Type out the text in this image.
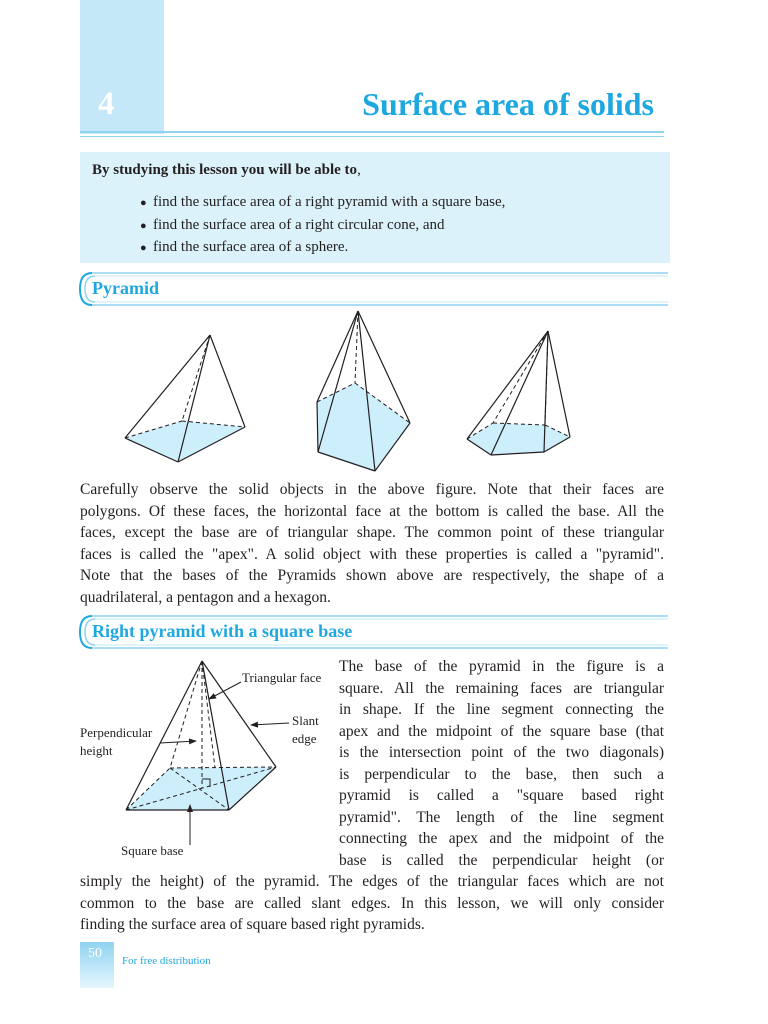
4	Surface area of solids
By studying this lesson you will be able to,
● find the surface area of a right pyramid with a square base,
● find the surface area of a right circular cone, and
● find the surface area of a sphere.
Pyramid
Carefully observe the solid objects in the above figure. Note that their faces are
polygons. Of these faces, the horizontal face at the bottom is called the base. All the
faces, except the base are of triangular shape. The common point of these triangular
faces is called the "apex". A solid object with these properties is called a "pyramid".
Note that the bases of the Pyramids shown above are respectively, the shape of a
quadrilateral, a pentagon and a hexagon.
Right pyramid with a square base
Triangular face
Slant
edge
Perpendicular
height
Square base
The base of the pyramid in the figure is a
square. All the remaining faces are triangular
in shape. If the line segment connecting the
apex and the midpoint of the square base (that
is the intersection point of the two diagonals)
is perpendicular to the base, then such a
pyramid is called a "square based right
pyramid". The length of the line segment
connecting the apex and the midpoint of the
base is called the perpendicular height (or
simply the height) of the pyramid. The edges of the triangular faces which are not
common to the base are called slant edges. In this lesson, we will only consider
finding the surface area of square based right pyramids.
50 For free distribution
